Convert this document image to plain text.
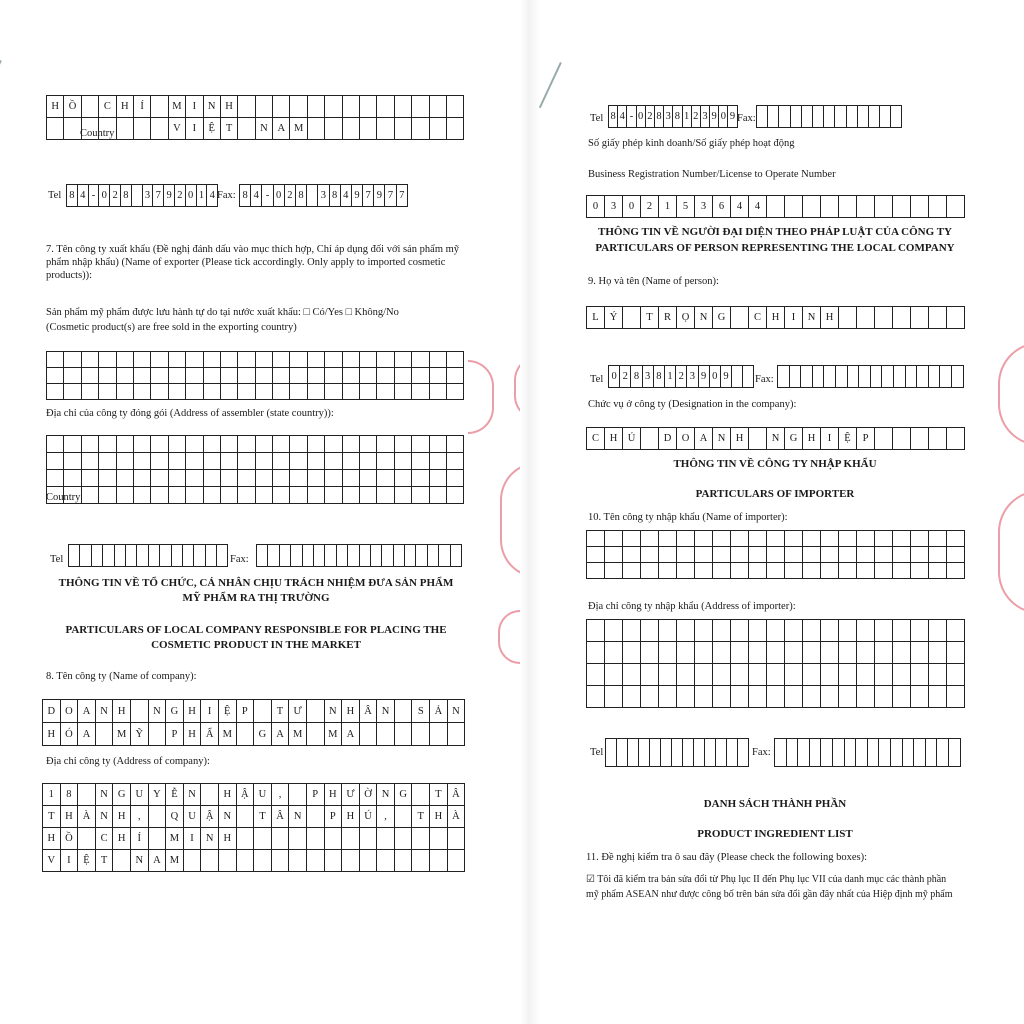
H Ồ	C H	Í	M	I	N H
V	I	Ệ	T	N A M
Country
Tel 8 4 - 0 2 8	3 7 9 2 0 1 4 Fax: 8 4 - 0 2 8	3 8 4 9 7 9 7 7
7. Tên công ty xuất khẩu (Đề nghị đánh dấu vào mục thích hợp, Chỉ áp dụng đối với sản phẩm mỹ phẩm nhập khẩu) (Name of exporter (Please tick accordingly. Only apply to imported cosmetic products)):
Sản phẩm mỹ phẩm được lưu hành tự do tại nước xuất khẩu: □ Có/Yes □ Không/No
(Cosmetic product(s) are free sold in the exporting country)
Địa chỉ của công ty đóng gói (Address of assembler (state country)):
Country
Tel	Fax:
THÔNG TIN VỀ TỔ CHỨC, CÁ NHÂN CHỊU TRÁCH NHIỆM ĐƯA SẢN PHẨM
MỸ PHẨM RA THỊ TRƯỜNG
PARTICULARS OF LOCAL COMPANY RESPONSIBLE FOR PLACING THE
COSMETIC PRODUCT IN THE MARKET
8. Tên công ty (Name of company):
D O A N H	N G H	I	Ệ	P	T Ư	N H Â N	S	Ả N
H Ó A	M Ỹ	P	H Ẩ M	G A M	M A
Địa chỉ công ty (Address of company):
1	8	N G U Y	Ễ	N	H Ậ U	,	P	H Ư Ờ N G	T	Â
T	H À N H	,	Q U Ậ N	T	Â N	P	H Ú	,	T	H À
H Ồ	C H	Í	M	I	N H
V	I	Ệ	T	N A M
Tel 8 4 - 0 2 8 3 8 1 2 3 9 0 9 Fax:
Số giấy phép kinh doanh/Số giấy phép hoạt động
Business Registration Number/License to Operate Number
0	3	0	2	1	5	3	6	4	4
THÔNG TIN VỀ NGƯỜI ĐẠI DIỆN THEO PHÁP LUẬT CỦA CÔNG TY
PARTICULARS OF PERSON REPRESENTING THE LOCAL COMPANY
9. Họ và tên (Name of person):
L	Ý	T	R	Ọ N G	C	H	I	N H
Tel 0 2 8 3 8 1 2 3 9 0 9	Fax:
Chức vụ ở công ty (Designation in the company):
C	H Ủ	D O A N H	N G H	I	Ệ	P
THÔNG TIN VỀ CÔNG TY NHẬP KHẨU
PARTICULARS OF IMPORTER
10. Tên công ty nhập khẩu (Name of importer):
Địa chỉ công ty nhập khẩu (Address of importer):
Tel	Fax:
DANH SÁCH THÀNH PHẦN
PRODUCT INGREDIENT LIST
11. Đề nghị kiểm tra ô sau đây (Please check the following boxes):
☑ Tôi đã kiểm tra bản sửa đổi từ Phụ lục II đến Phụ lục VII của danh mục các thành phần
mỹ phẩm ASEAN như được công bố trên bản sửa đổi gần đây nhất của Hiệp định mỹ phẩm
